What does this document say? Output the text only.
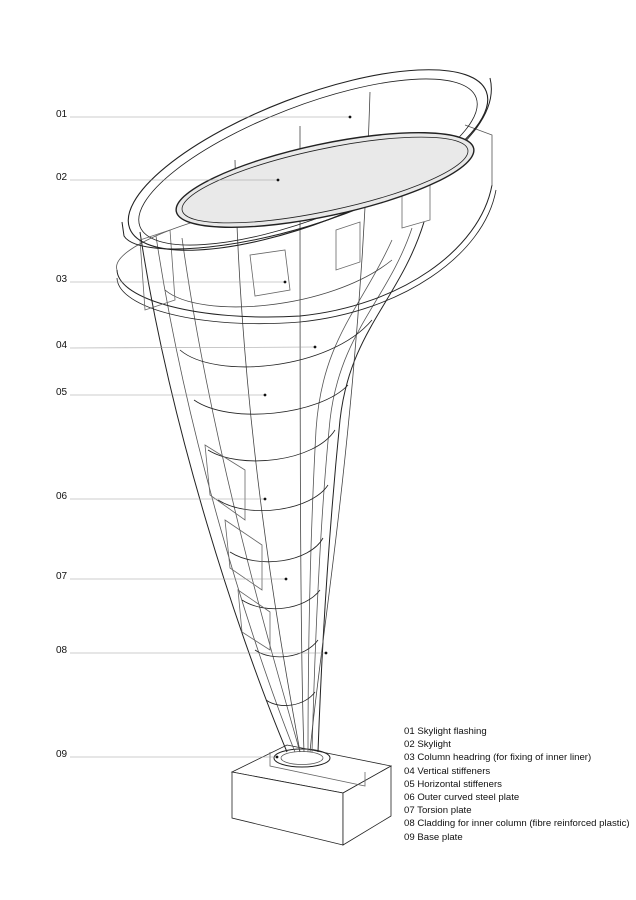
01
02
03
04
05
06
07
08
09
01 Skylight flashing
02 Skylight
03 Column headring (for fixing of inner liner)
04 Vertical stiffeners
05 Horizontal stiffeners
06 Outer curved steel plate
07 Torsion plate
08 Cladding for inner column (fibre reinforced plastic)
09 Base plate
